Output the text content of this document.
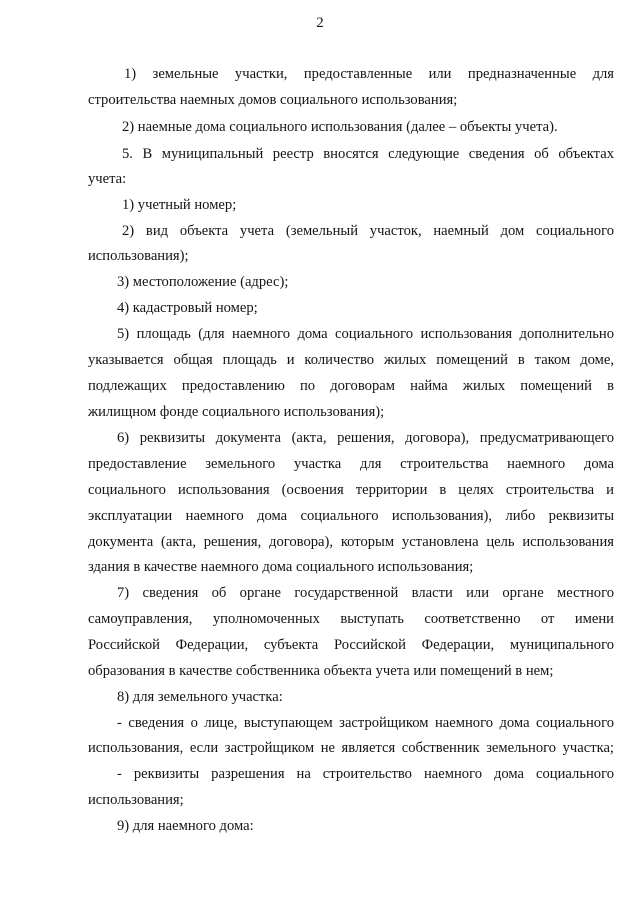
2
1) земельные участки, предоставленные или предназначенные для
строительства наемных домов социального использования;
2) наемные дома социального использования (далее – объекты учета).
5. В муниципальный реестр вносятся следующие сведения об объектах
учета:
1) учетный номер;
2) вид объекта учета (земельный участок, наемный дом социального
использования);
3) местоположение (адрес);
4) кадастровый номер;
5) площадь (для наемного дома социального использования дополнительно
указывается общая площадь и количество жилых помещений в таком доме,
подлежащих предоставлению по договорам найма жилых помещений в
жилищном фонде социального использования);
6) реквизиты документа (акта, решения, договора), предусматривающего
предоставление земельного участка для строительства наемного дома
социального использования (освоения территории в целях строительства и
эксплуатации наемного дома социального использования), либо реквизиты
документа (акта, решения, договора), которым установлена цель использования
здания в качестве наемного дома социального использования;
7) сведения об органе государственной власти или органе местного
самоуправления, уполномоченных выступать соответственно от имени
Российской Федерации, субъекта Российской Федерации, муниципального
образования в качестве собственника объекта учета или помещений в нем;
8) для земельного участка:
- сведения о лице, выступающем застройщиком наемного дома социального
использования, если застройщиком не является собственник земельного участка;
- реквизиты разрешения на строительство наемного дома социального
использования;
9) для наемного дома:
